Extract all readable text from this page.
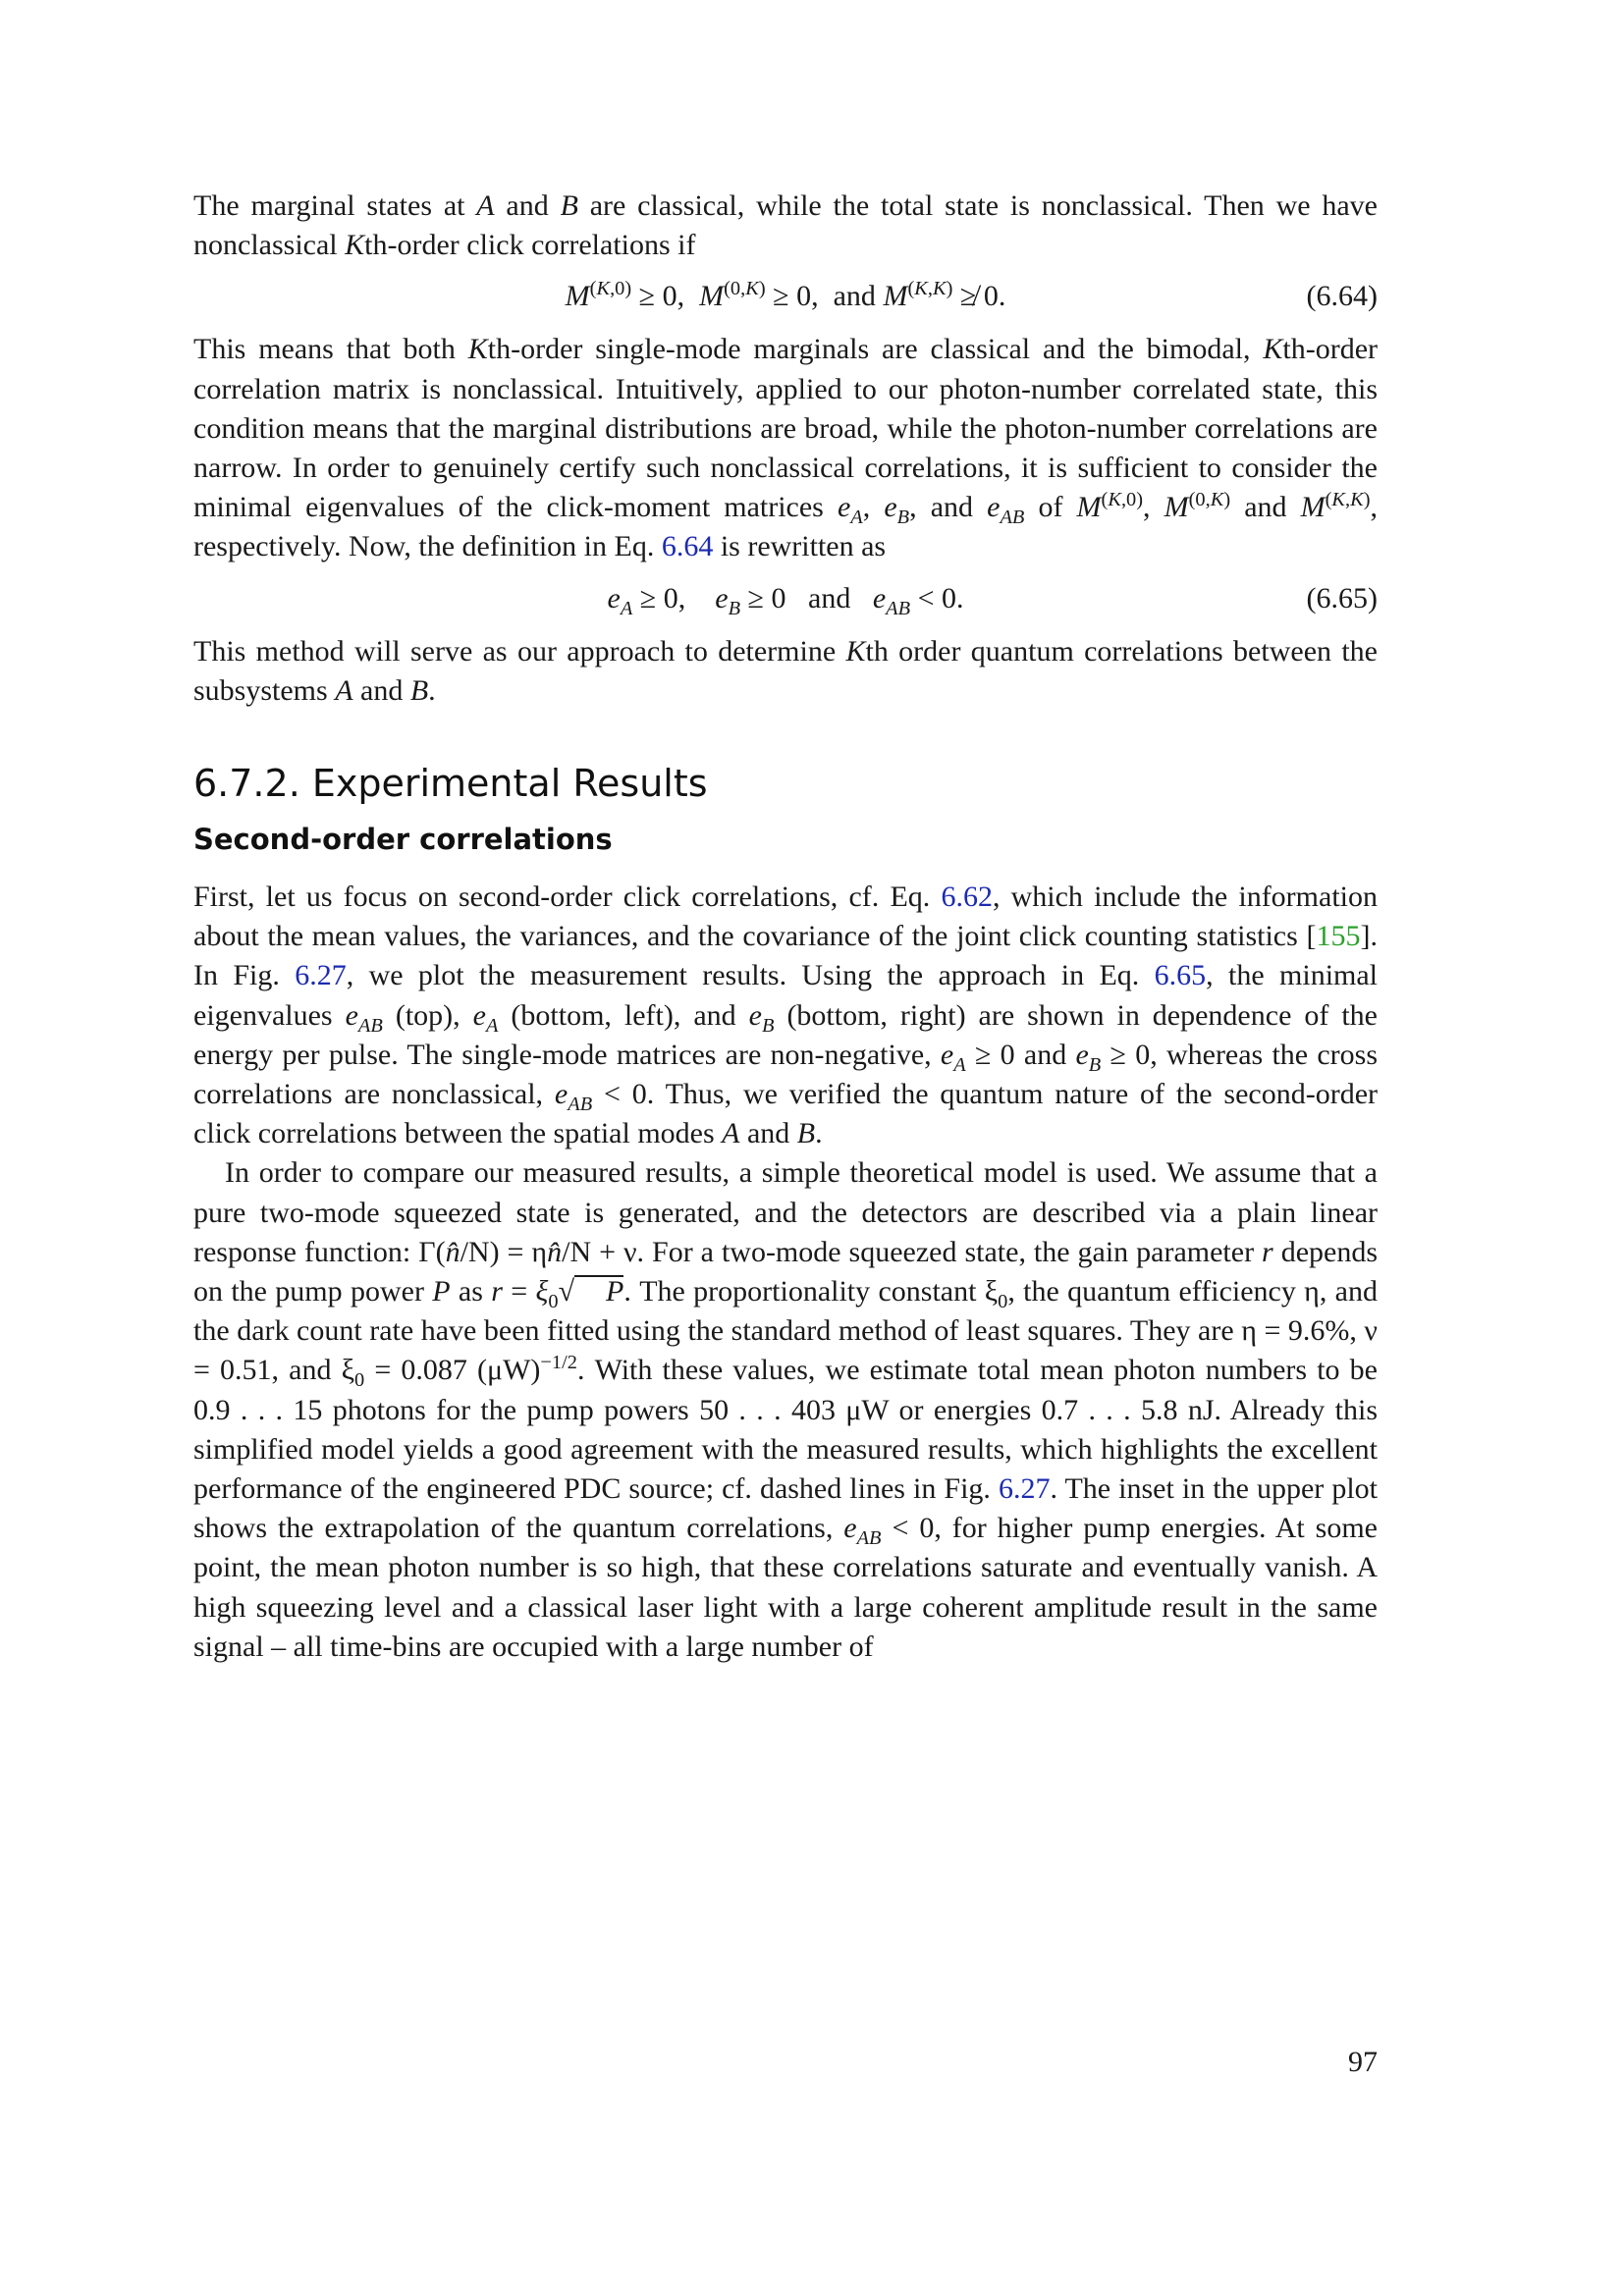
The marginal states at A and B are classical, while the total state is nonclassical. Then we have nonclassical Kth-order click correlations if

$M^{(K,0)} \ge 0$,  $M^{(0,K)} \ge 0$,  and $M^{(K,K)}$ ≱ 0.	(6.64)

This means that both Kth-order single-mode marginals are classical and the bimodal, Kth-order correlation matrix is nonclassical. Intuitively, applied to our photon-number correlated state, this condition means that the marginal distributions are broad, while the photon-number correlations are narrow. In order to genuinely certify such nonclassical correlations, it is sufficient to consider the minimal eigenvalues of the click-moment matrices $e_A$, $e_B$, and $e_{AB}$ of $M^{(K,0)}$, $M^{(0,K)}$ and $M^{(K,K)}$, respectively. Now, the definition in Eq. 6.64 is rewritten as

$e_A \ge 0$,    $e_B \ge 0$   and $e_{AB} < 0$.	(6.65)

This method will serve as our approach to determine Kth order quantum correlations between the subsystems A and B.

6.7.2. Experimental Results
Second-order correlations

First, let us focus on second-order click correlations, cf. Eq. 6.62, which include the information about the mean values, the variances, and the covariance of the joint click counting statistics [155]. In Fig. 6.27, we plot the measurement results. Using the approach in Eq. 6.65, the minimal eigenvalues $e_{AB}$ (top), $e_A$ (bottom, left), and $e_B$ (bottom, right) are shown in dependence of the energy per pulse. The single-mode matrices are non-negative, $e_A \ge 0$ and $e_B \ge 0$, whereas the cross correlations are nonclassical, $e_{AB} < 0$. Thus, we verified the quantum nature of the second-order click correlations between the spatial modes A and B.

In order to compare our measured results, a simple theoretical model is used. We assume that a pure two-mode squeezed state is generated, and the detectors are described via a plain linear response function: Γ(n̂/N) = ηn̂/N + ν. For a two-mode squeezed state, the gain parameter r depends on the pump power P as $r = \xi_0√$ P. The proportionality constant $\xi_0$, the quantum efficiency η, and the dark count rate have been fitted using the standard method of least squares. They are η = 9.6%, ν = 0.51, and $\xi_0 = 0.087$ $(\mu W)^{-1/2}$. With these values, we estimate total mean photon numbers to be 0.9 . . . 15 photons for the pump powers 50 . . . 403 μW or energies 0.7 . . . 5.8 nJ. Already this simplified model yields a good agreement with the measured results, which highlights the excellent performance of the engineered PDC source; cf. dashed lines in Fig. 6.27. The inset in the upper plot shows the extrapolation of the quantum correlations, $e_{AB} < 0$, for higher pump energies. At some point, the mean photon number is so high, that these correlations saturate and eventually vanish. A high squeezing level and a classical laser light with a large coherent amplitude result in the same signal – all time-bins are occupied with a large number of

97
